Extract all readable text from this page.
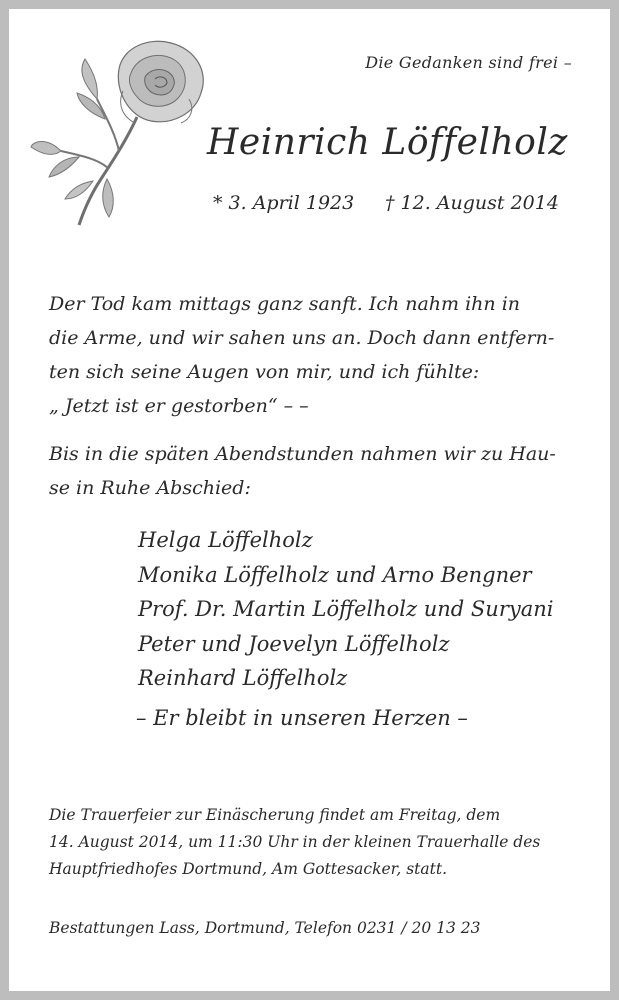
Die Gedanken sind frei –
Heinrich Löffelholz
* 3. April 1923 † 12. August 2014
Der Tod kam mittags ganz sanft. Ich nahm ihn in
die Arme, und wir sahen uns an. Doch dann entfern-
ten sich seine Augen von mir, und ich fühlte:
„ Jetzt ist er gestorben“ – –
Bis in die späten Abendstunden nahmen wir zu Hau-
se in Ruhe Abschied:
Helga Löffelholz
Monika Löffelholz und Arno Bengner
Prof. Dr. Martin Löffelholz und Suryani
Peter und Joevelyn Löffelholz
Reinhard Löffelholz
– Er bleibt in unseren Herzen –
Die Trauerfeier zur Einäscherung findet am Freitag, dem
14. August 2014, um 11:30 Uhr in der kleinen Trauerhalle des
Hauptfriedhofes Dortmund, Am Gottesacker, statt.
Bestattungen Lass, Dortmund, Telefon 0231 / 20 13 23
